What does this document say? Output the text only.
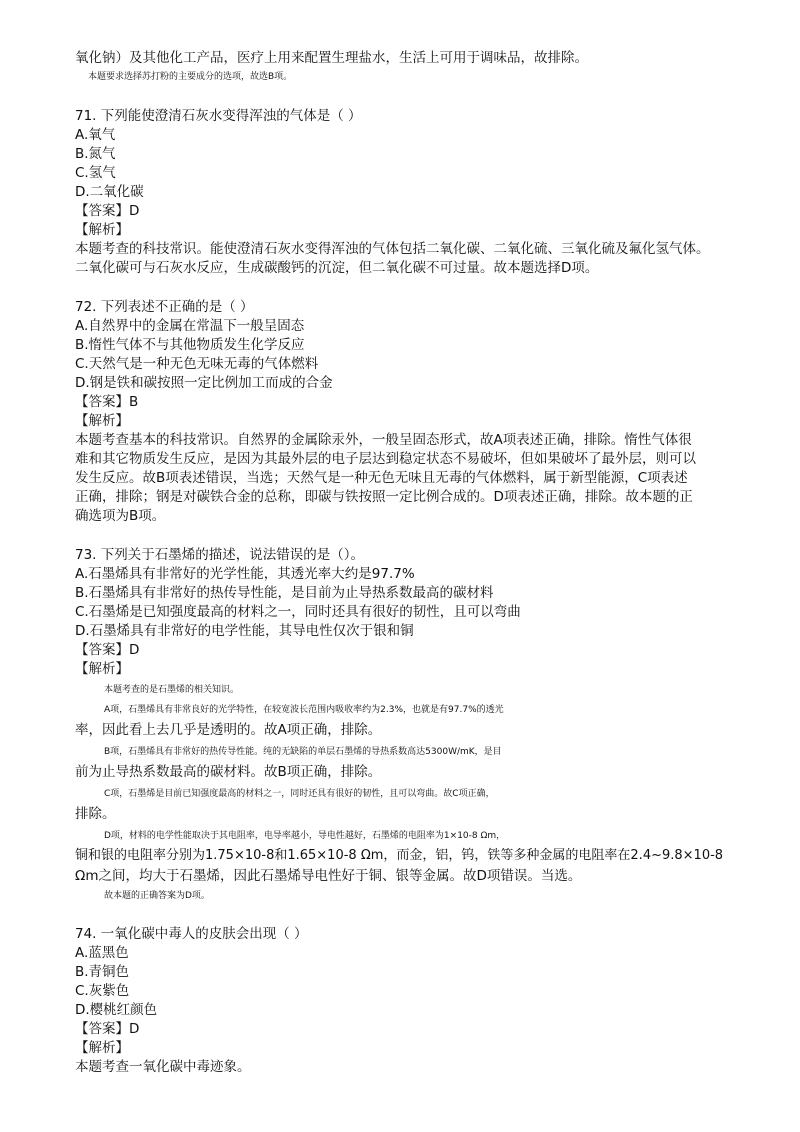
氧化钠）及其他化工产品，医疗上用来配置生理盐水，生活上可用于调味品，故排除。
本题要求选择苏打粉的主要成分的选项，故选B项。
71. 下列能使澄清石灰水变得浑浊的气体是（ ）
A.氧气
B.氮气
C.氢气
D.二氧化碳
【答案】D
【解析】
本题考查的科技常识。能使澄清石灰水变得浑浊的气体包括二氧化碳、二氧化硫、三氧化硫及氟化氢气体。
二氧化碳可与石灰水反应，生成碳酸钙的沉淀，但二氧化碳不可过量。故本题选择D项。
72. 下列表述不正确的是（ ）
A.自然界中的金属在常温下一般呈固态
B.惰性气体不与其他物质发生化学反应
C.天然气是一种无色无味无毒的气体燃料
D.钢是铁和碳按照一定比例加工而成的合金
【答案】B
【解析】
本题考查基本的科技常识。自然界的金属除汞外，一般呈固态形式，故A项表述正确，排除。惰性气体很
难和其它物质发生反应，是因为其最外层的电子层达到稳定状态不易破坏，但如果破坏了最外层，则可以
发生反应。故B项表述错误，当选；天然气是一种无色无味且无毒的气体燃料，属于新型能源，C项表述
正确，排除；钢是对碳铁合金的总称，即碳与铁按照一定比例合成的。D项表述正确，排除。故本题的正
确选项为B项。
73. 下列关于石墨烯的描述，说法错误的是（）。
A.石墨烯具有非常好的光学性能，其透光率大约是97.7%
B.石墨烯具有非常好的热传导性能，是目前为止导热系数最高的碳材料
C.石墨烯是已知强度最高的材料之一，同时还具有很好的韧性，且可以弯曲
D.石墨烯具有非常好的电学性能，其导电性仅次于银和铜
【答案】D
【解析】
本题考查的是石墨烯的相关知识。
A项，石墨烯具有非常良好的光学特性，在较宽波长范围内吸收率约为2.3%，也就是有97.7%的透光
率，因此看上去几乎是透明的。故A项正确，排除。
B项，石墨烯具有非常好的热传导性能。纯的无缺陷的单层石墨烯的导热系数高达5300W/mK，是目
前为止导热系数最高的碳材料。故B项正确，排除。
C项，石墨烯是目前已知强度最高的材料之一，同时还具有很好的韧性，且可以弯曲。故C项正确，
排除。
D项，材料的电学性能取决于其电阻率，电导率越小，导电性越好，石墨烯的电阻率为1×10-8 Ωm，
铜和银的电阻率分别为1.75×10-8和1.65×10-8 Ωm，而金，铝，钨，铁等多种金属的电阻率在2.4~9.8×10-8
Ωm之间，均大于石墨烯，因此石墨烯导电性好于铜、银等金属。故D项错误。当选。
故本题的正确答案为D项。
74. 一氧化碳中毒人的皮肤会出现（ ）
A.蓝黑色
B.青铜色
C.灰紫色
D.樱桃红颜色
【答案】D
【解析】
本题考查一氧化碳中毒迹象。
